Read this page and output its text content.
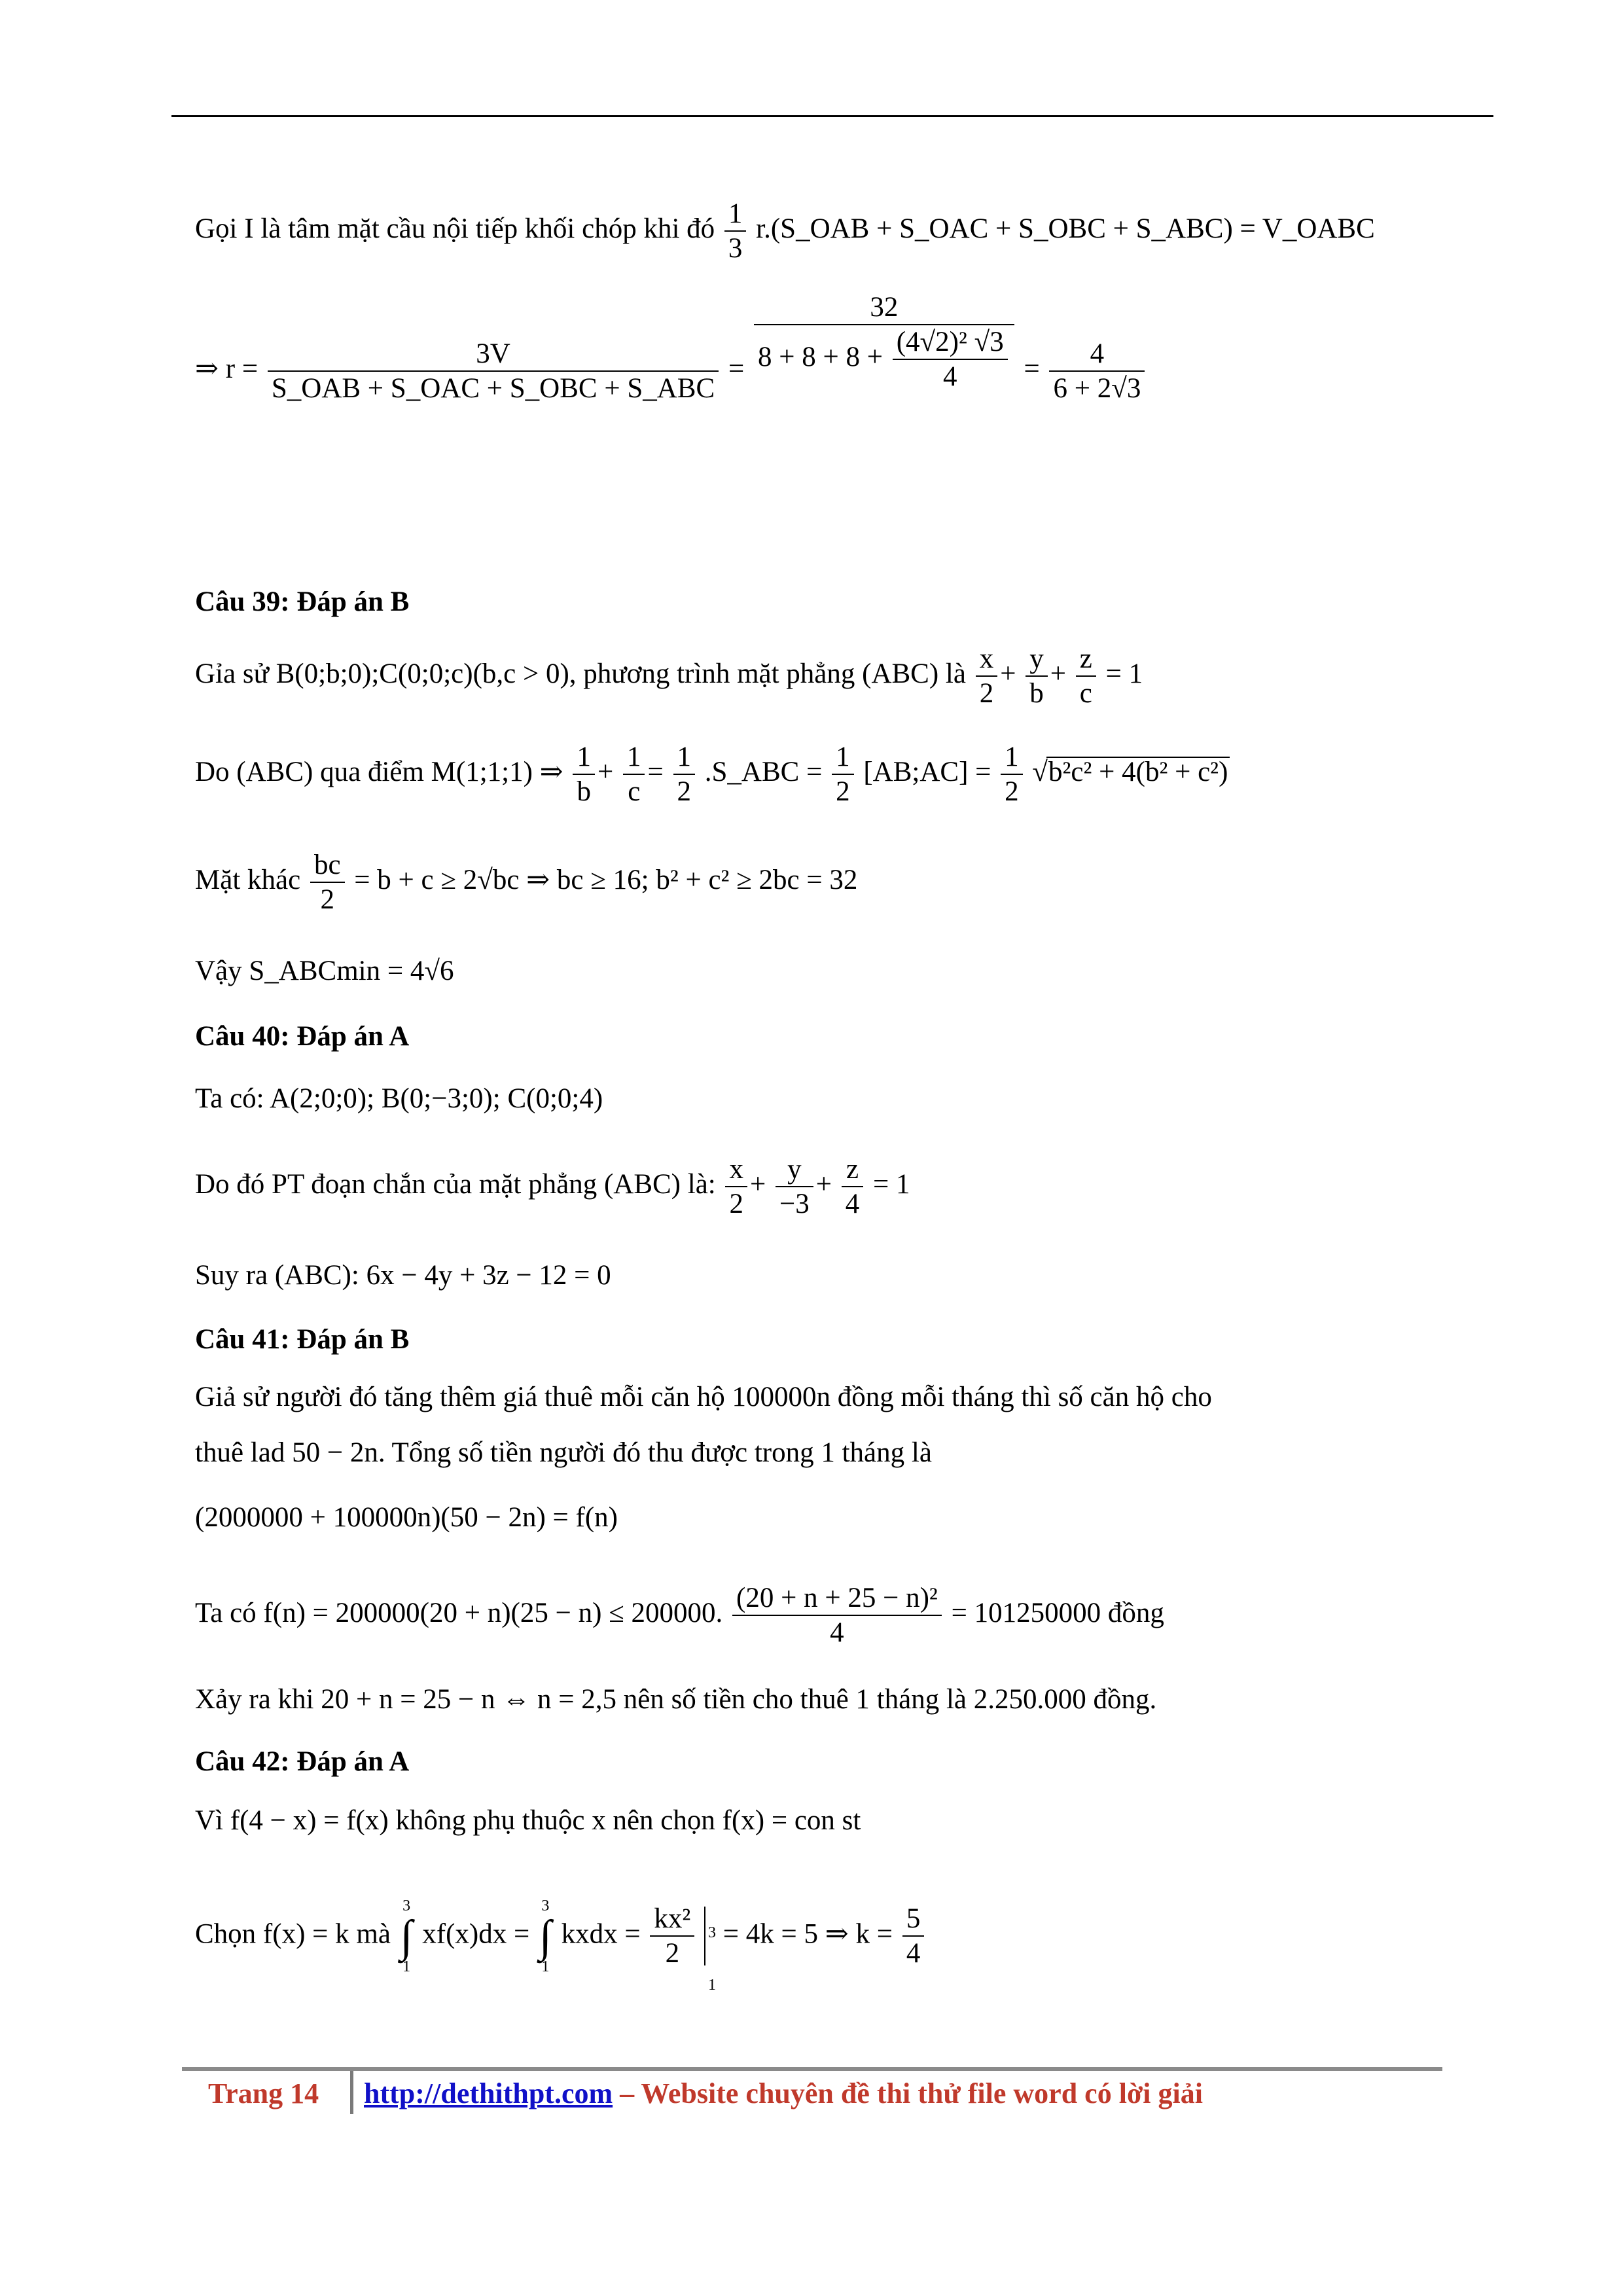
Gọi I là tâm mặt cầu nội tiếp khối chóp khi đó $\frac{1}{3}$ r.(S_OAB + S_OAC + S_OBC + S_ABC) = V_OABC
⇒ $r = \frac{3V}{\text{S\_OAB + S\_OAC + S\_OBC + S\_ABC}} = \frac{32}{8 + 8 + 8 + \frac{\text{(4√2)² √3}}{4}} = \frac{4}{6 + 2√3}$
Câu 39: Đáp án B
Gỉa sử B(0;b;0);C(0;0;c)(b,c > 0), phương trình mặt phẳng (ABC) là $\frac{x}{2} + \frac{y}{b} + \frac{z}{c} = 1$
Do (ABC) qua điểm M(1;1;1) ⇒ $\frac{1}{b} + \frac{1}{c} = \frac{1}{2}$ .S_ABC = $\frac{1}{2}$ [AB;AC] = $\frac{1}{2} √b^2c^2 + 4(b^2 + c^2)$
Mặt khác $\frac{bc}{2} = b + c \ge 2√bc$ ⇒ bc ≥ 16; b² + c² ≥ 2bc = 32
Vậy S_ABCmin = 4√6
Câu 40: Đáp án A
Ta có: A(2;0;0); B(0;−3;0); C(0;0;4)
Do đó PT đoạn chắn của mặt phẳng (ABC) là: $\frac{x}{2} + \frac{y}{-3} + \frac{z}{4} = 1$
Suy ra (ABC): 6x − 4y + 3z − 12 = 0
Câu 41: Đáp án B
Giả sử người đó tăng thêm giá thuê mỗi căn hộ 100000n đồng mỗi tháng thì số căn hộ cho
thuê lad 50 − 2n. Tổng số tiền người đó thu được trong 1 tháng là
(2000000 + 100000n)(50 − 2n) = f(n)
Ta có f(n) = 200000(20 + n)(25 − n) ≤ 200000. $\frac{\text{(20 + n + 25 − n)²}}{4} = 101250000$ đồng
Xảy ra khi 20 + n = 25 − n ⇔ n = 2,5 nên số tiền cho thuê 1 tháng là 2.250.000 đồng.
Câu 42: Đáp án A
Vì f(4 − x) = f(x) không phụ thuộc x nên chọn f(x) = con st
Chọn f(x) = k mà
3
∫
1
xf(x)dx =
3
∫
1
kxdx = $\frac{\text{kx²}}{2} 3$
1 = 4k = 5 ⇒ $k = \frac{5}{4}$
Trang 14 http://dethithpt.com – Website chuyên đề thi thử file word có lời giải
